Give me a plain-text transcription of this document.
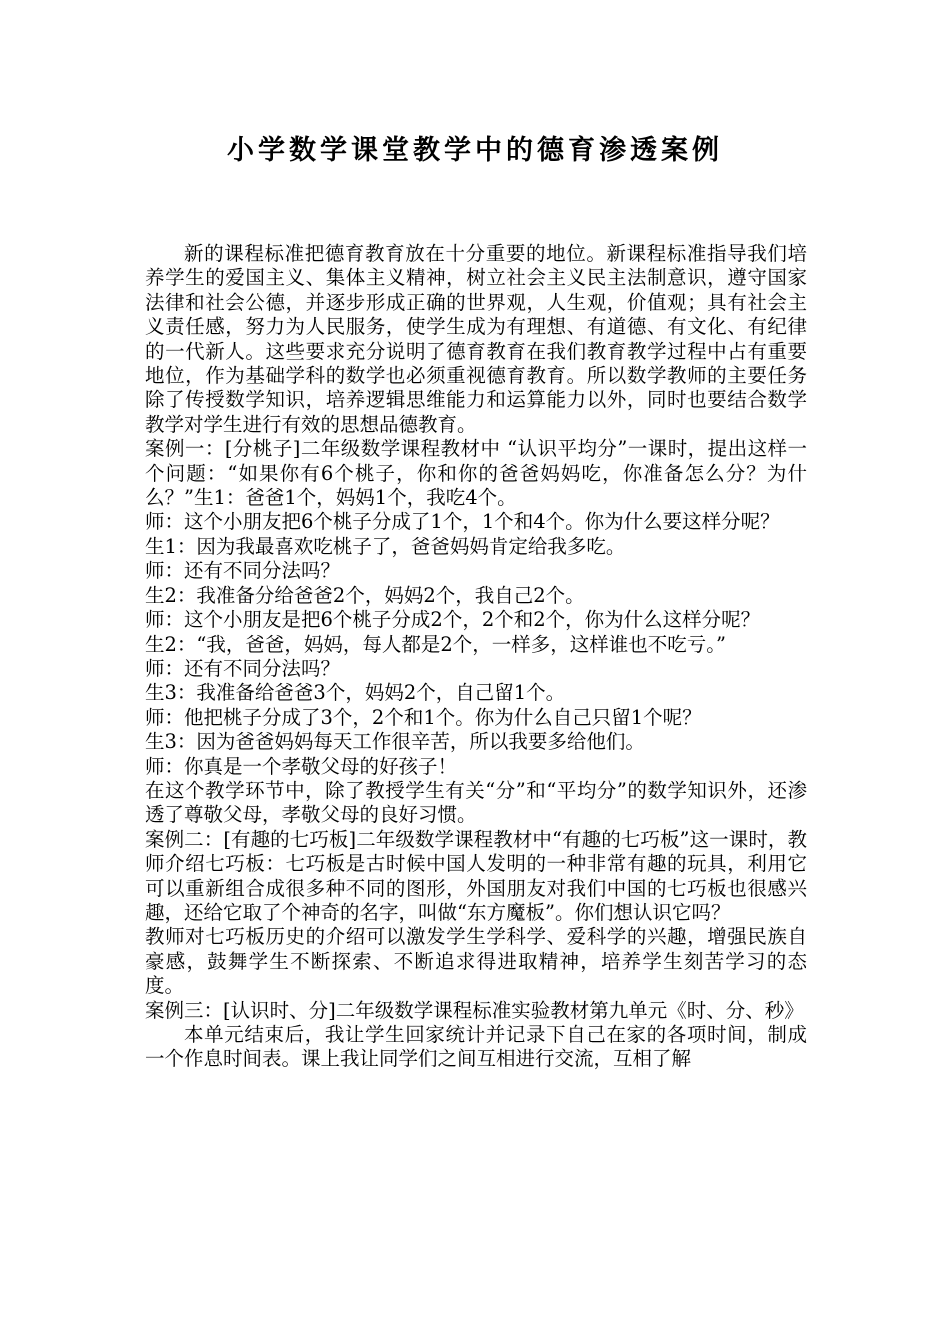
小学数学课堂教学中的德育渗透案例

新的课程标准把德育教育放在十分重要的地位。新课程标准指导我们培养学生的爱国主义、集体主义精神，树立社会主义民主法制意识，遵守国家法律和社会公德，并逐步形成正确的世界观，人生观，价值观；具有社会主义责任感，努力为人民服务，使学生成为有理想、有道德、有文化、有纪律的一代新人。这些要求充分说明了德育教育在我们教育教学过程中占有重要地位，作为基础学科的数学也必须重视德育教育。所以数学教师的主要任务除了传授数学知识，培养逻辑思维能力和运算能力以外，同时也要结合数学教学对学生进行有效的思想品德教育。

案例一：[分桃子]二年级数学课程教材中 “认识平均分”一课时，提出这样一个问题：“如果你有6个桃子，你和你的爸爸妈妈吃，你准备怎么分？为什么？”生1：爸爸1个，妈妈1个，我吃4个。

师：这个小朋友把6个桃子分成了1个，1个和4个。你为什么要这样分呢？

生1：因为我最喜欢吃桃子了，爸爸妈妈肯定给我多吃。

师：还有不同分法吗？

生2：我准备分给爸爸2个，妈妈2个，我自己2个。

师：这个小朋友是把6个桃子分成2个，2个和2个，你为什么这样分呢？

生2：“我，爸爸，妈妈，每人都是2个，一样多，这样谁也不吃亏。”

师：还有不同分法吗？

生3：我准备给爸爸3个，妈妈2个，自己留1个。

师：他把桃子分成了3个，2个和1个。你为什么自己只留1个呢？

生3：因为爸爸妈妈每天工作很辛苦，所以我要多给他们。

师：你真是一个孝敬父母的好孩子！

在这个教学环节中，除了教授学生有关“分”和“平均分”的数学知识外，还渗透了尊敬父母，孝敬父母的良好习惯。

案例二：[有趣的七巧板]二年级数学课程教材中“有趣的七巧板”这一课时，教师介绍七巧板：七巧板是古时候中国人发明的一种非常有趣的玩具，利用它可以重新组合成很多种不同的图形，外国朋友对我们中国的七巧板也很感兴趣，还给它取了个神奇的名字，叫做“东方魔板”。你们想认识它吗？

教师对七巧板历史的介绍可以激发学生学科学、爱科学的兴趣，增强民族自豪感，鼓舞学生不断探索、不断追求得进取精神，培养学生刻苦学习的态度。

案例三：[认识时、分]二年级数学课程标准实验教材第九单元《时、分、秒》

本单元结束后，我让学生回家统计并记录下自己在家的各项时间，制成一个作息时间表。课上我让同学们之间互相进行交流，互相了解
